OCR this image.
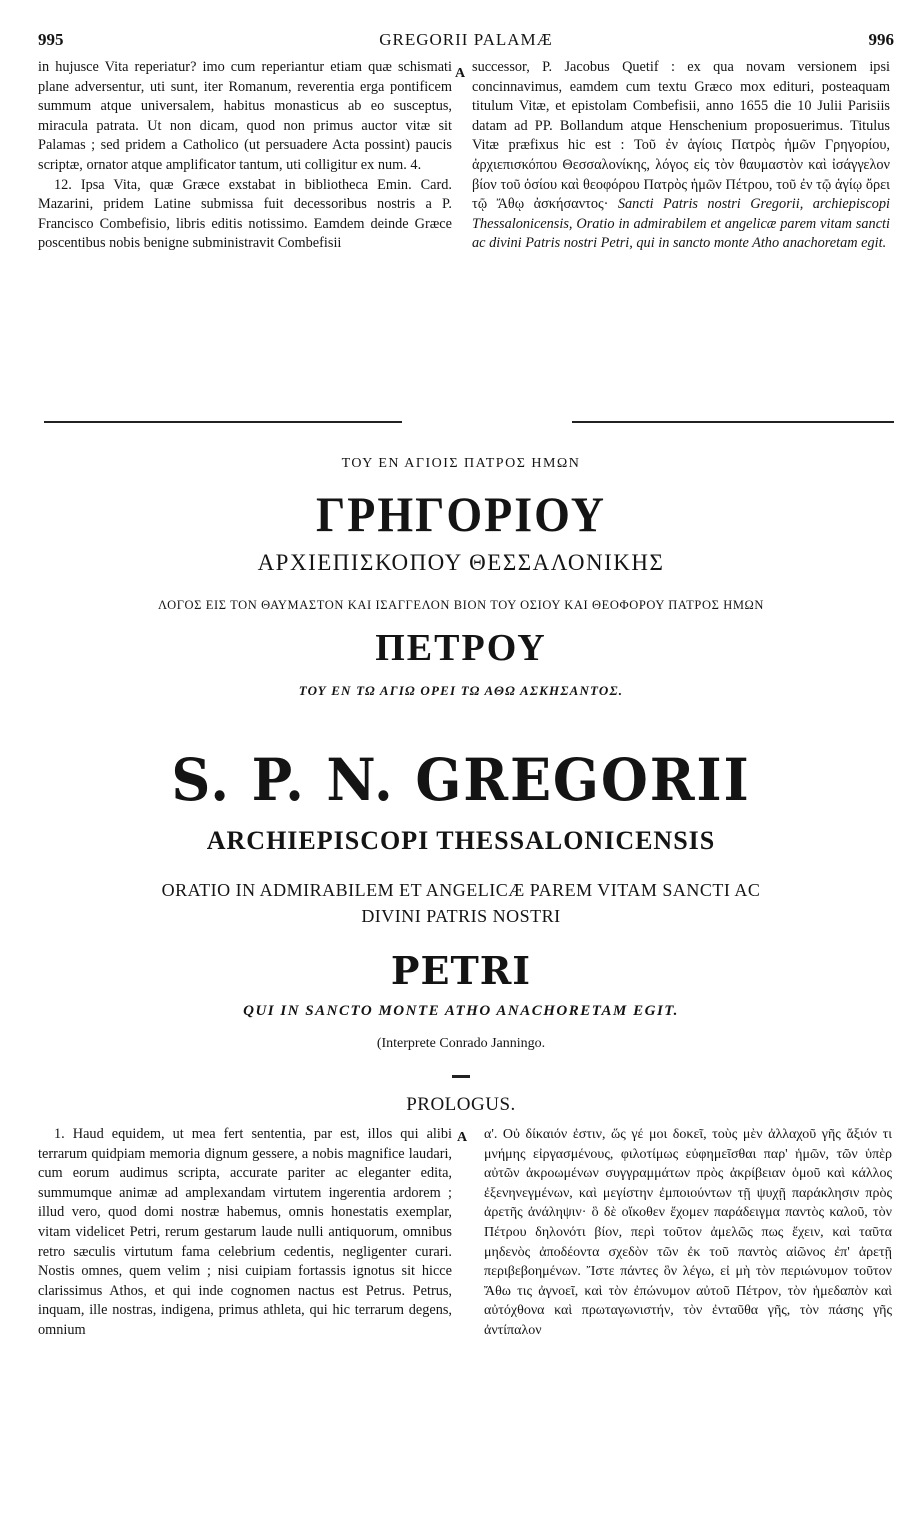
995	GREGORII PALAMÆ	996

in hujusce Vita reperiatur? imo cum reperiantur etiam quæ schismati plane adversentur, uti sunt, iter Romanum, reverentia erga pontificem summum atque universalem, habitus monasticus ab eo susceptus, miracula patrata. Ut non dicam, quod non primus auctor vitæ sit Palamas ; sed pridem a Catholico (ut persuadere Acta possint) paucis scriptæ, ornator atque amplificator tantum, uti colligitur ex num. 4.

12. Ipsa Vita, quæ Græce exstabat in bibliotheca Emin. Card. Mazarini, pridem Latine submissa fuit decessoribus nostris a P. Francisco Combefisio, libris editis notissimo. Eamdem deinde Græce poscentibus nobis benigne subministravit Combefisii

A successor, P. Jacobus Quetif : ex qua novam versionem ipsi concinnavimus, eamdem cum textu Græco mox edituri, posteaquam titulum Vitæ, et epistolam Combefisii, anno 1655 die 10 Julii Parisiis datam ad PP. Bollandum atque Henschenium proposuerimus. Titulus Vitæ præfixus hic est : Τοῦ ἐν ἁγίοις Πατρὸς ἡμῶν Γρηγορίου, ἀρχιεπισκόπου Θεσσαλονίκης, λόγος εἰς τὸν θαυμαστὸν καὶ ἰσάγγελον βίον τοῦ ὁσίου καὶ θεοφόρου Πατρὸς ἡμῶν Πέτρου, τοῦ ἐν τῷ ἁγίῳ ὄρει τῷ Ἄθῳ ἀσκήσαντος· Sancti Patris nostri Gregorii, archiepiscopi Thessalonicensis, Oratio in admirabilem et angelicæ parem vitam sancti ac divini Patris nostri Petri, qui in sancto monte Atho anachoretam egit.

ΤΟΥ ΕΝ ΑΓΙΟΙΣ ΠΑΤΡΟΣ ΗΜΩΝ
ΓΡΗΓΟΡΙΟΥ
ΑΡΧΙΕΠΙΣΚΟΠΟΥ ΘΕΣΣΑΛΟΝΙΚΗΣ
ΛΟΓΟΣ ΕΙΣ ΤΟΝ ΘΑΥΜΑΣΤΟΝ ΚΑΙ ΙΣΑΓΓΕΛΟΝ ΒΙΟΝ ΤΟΥ ΟΣΙΟΥ ΚΑΙ ΘΕΟΦΟΡΟΥ ΠΑΤΡΟΣ ΗΜΩΝ
ΠΕΤΡΟΥ
ΤΟΥ ΕΝ ΤΩ ΑΓΙΩ ΟΡΕΙ ΤΩ ΑΘΩ ΑΣΚΗΣΑΝΤΟΣ.
S. P. N. GREGORII
ARCHIEPISCOPI THESSALONICENSIS
ORATIO IN ADMIRABILEM ET ANGELICÆ PAREM VITAM SANCTI AC
DIVINI PATRIS NOSTRI
PETRI
QUI IN SANCTO MONTE ATHO ANACHORETAM EGIT.
(Interprete Conrado Janningo.
PROLOGUS.

1. Haud equidem, ut mea fert sententia, par est, illos qui alibi terrarum quidpiam memoria dignum gessere, a nobis magnifice laudari, cum eorum audimus scripta, accurate pariter ac eleganter edita, summumque animæ ad amplexandam virtutem ingerentia ardorem ; illud vero, quod domi nostræ habemus, omnis honestatis exemplar, vitam videlicet Petri, rerum gestarum laude nulli antiquorum, omnibus retro sæculis virtutum fama celebrium cedentis, negligenter curari. Nostis omnes, quem velim ; nisi cuipiam fortassis ignotus sit hicce clarissimus Athos, et qui inde cognomen nactus est Petrus. Petrus, inquam, ille nostras, indigena, primus athleta, qui hic terrarum degens, omnium

A α'. Οὐ δίκαιόν ἐστιν, ὥς γέ μοι δοκεῖ, τοὺς μὲν ἀλλαχοῦ γῆς ἄξιόν τι μνήμης εἰργασμένους, φιλοτίμως εὐφημεῖσθαι παρ' ἡμῶν, τῶν ὑπὲρ αὐτῶν ἀκροωμένων συγγραμμάτων πρὸς ἀκρίβειαν ὁμοῦ καὶ κάλλος ἐξενηνεγμένων, καὶ μεγίστην ἐμποιούντων τῇ ψυχῇ παράκλησιν πρὸς ἀρετῆς ἀνάληψιν· ὃ δὲ οἴκοθεν ἔχομεν παράδειγμα παντὸς καλοῦ, τὸν Πέτρου δηλονότι βίον, περὶ τοῦτον ἀμελῶς πως ἔχειν, καὶ ταῦτα μηδενὸς ἀποδέοντα σχεδὸν τῶν ἐκ τοῦ παντὸς αἰῶνος ἐπ' ἀρετῇ περιβεβοημένων. Ἴστε πάντες ὃν λέγω, εἰ μὴ τὸν περιώνυμον τοῦτον Ἄθω τις ἀγνοεῖ, καὶ τὸν ἐπώνυμον αὐτοῦ Πέτρον, τὸν ἡμεδαπὸν καὶ αὐτόχθονα καὶ πρωταγωνιστήν, τὸν ἐνταῦθα γῆς, τὸν πάσης γῆς ἀντίπαλον
